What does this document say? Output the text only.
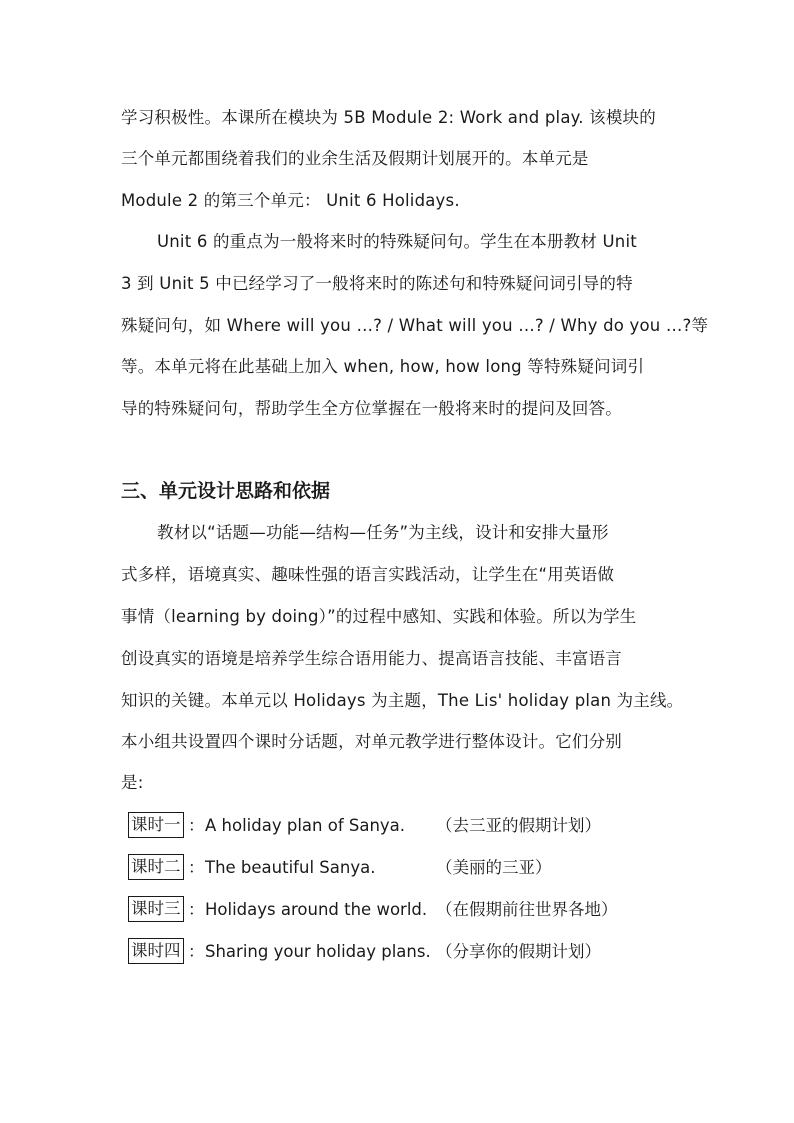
学习积极性。本课所在模块为 5B Module 2: Work and play. 该模块的
三个单元都围绕着我们的业余生活及假期计划展开的。本单元是
Module 2 的第三个单元： Unit 6 Holidays.
Unit 6 的重点为一般将来时的特殊疑问句。学生在本册教材 Unit
3 到 Unit 5 中已经学习了一般将来时的陈述句和特殊疑问词引导的特
殊疑问句，如 Where will you …? / What will you …? / Why do you …?等
等。本单元将在此基础上加入 when, how, how long 等特殊疑问词引
导的特殊疑问句，帮助学生全方位掌握在一般将来时的提问及回答。
三、单元设计思路和依据
教材以“话题—功能—结构—任务”为主线，设计和安排大量形
式多样，语境真实、趣味性强的语言实践活动，让学生在“用英语做
事情（learning by doing）”的过程中感知、实践和体验。所以为学生
创设真实的语境是培养学生综合语用能力、提高语言技能、丰富语言
知识的关键。本单元以 Holidays 为主题，The Lis' holiday plan 为主线。
本小组共设置四个课时分话题，对单元教学进行整体设计。它们分别
是:
课时一 ： A holiday plan of Sanya. （去三亚的假期计划）
课时二 ： The beautiful Sanya.	（美丽的三亚）
课时三 ： Holidays around the world. （在假期前往世界各地）
课时四 ： Sharing your holiday plans. （分享你的假期计划）
